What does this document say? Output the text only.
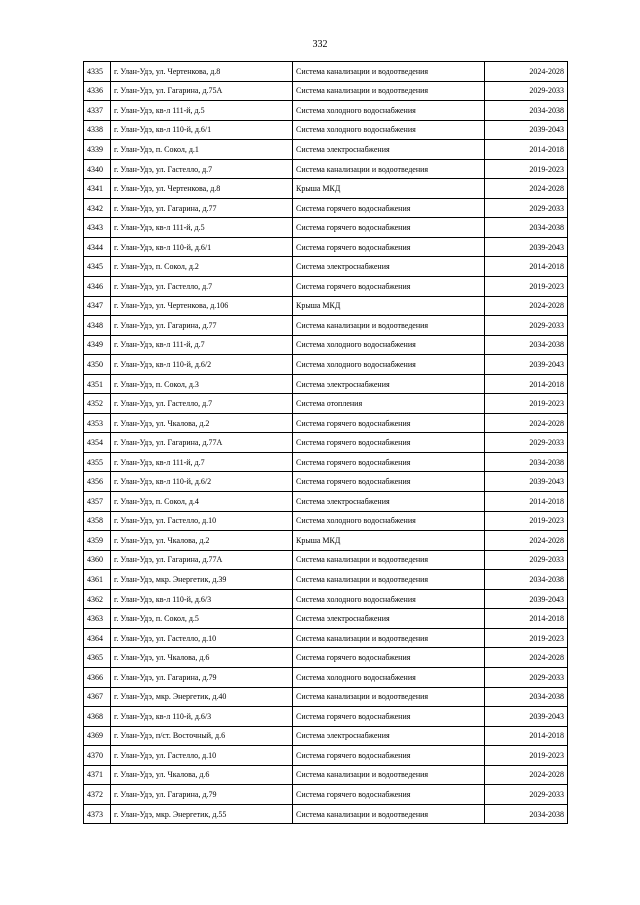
332
4335	г. Улан-Удэ, ул. Чертенкова, д.8	Система канализации и водоотведения	2024-2028
4336	г. Улан-Удэ, ул. Гагарина, д.75А	Система канализации и водоотведения	2029-2033
4337	г. Улан-Удэ, кв-л 111-й, д.5	Система холодного водоснабжения	2034-2038
4338	г. Улан-Удэ, кв-л 110-й, д.6/1	Система холодного водоснабжения	2039-2043
4339	г. Улан-Удэ, п. Сокол, д.1	Система электроснабжения	2014-2018
4340	г. Улан-Удэ, ул. Гастелло, д.7	Система канализации и водоотведения	2019-2023
4341	г. Улан-Удэ, ул. Чертенкова, д.8	Крыша МКД	2024-2028
4342	г. Улан-Удэ, ул. Гагарина, д.77	Система горячего водоснабжения	2029-2033
4343	г. Улан-Удэ, кв-л 111-й, д.5	Система горячего водоснабжения	2034-2038
4344	г. Улан-Удэ, кв-л 110-й, д.6/1	Система горячего водоснабжения	2039-2043
4345	г. Улан-Удэ, п. Сокол, д.2	Система электроснабжения	2014-2018
4346	г. Улан-Удэ, ул. Гастелло, д.7	Система горячего водоснабжения	2019-2023
4347	г. Улан-Удэ, ул. Чертенкова, д.106	Крыша МКД	2024-2028
4348	г. Улан-Удэ, ул. Гагарина, д.77	Система канализации и водоотведения	2029-2033
4349	г. Улан-Удэ, кв-л 111-й, д.7	Система холодного водоснабжения	2034-2038
4350	г. Улан-Удэ, кв-л 110-й, д.6/2	Система холодного водоснабжения	2039-2043
4351	г. Улан-Удэ, п. Сокол, д.3	Система электроснабжения	2014-2018
4352	г. Улан-Удэ, ул. Гастелло, д.7	Система отопления	2019-2023
4353	г. Улан-Удэ, ул. Чкалова, д.2	Система горячего водоснабжения	2024-2028
4354	г. Улан-Удэ, ул. Гагарина, д.77А	Система горячего водоснабжения	2029-2033
4355	г. Улан-Удэ, кв-л 111-й, д.7	Система горячего водоснабжения	2034-2038
4356	г. Улан-Удэ, кв-л 110-й, д.6/2	Система горячего водоснабжения	2039-2043
4357	г. Улан-Удэ, п. Сокол, д.4	Система электроснабжения	2014-2018
4358	г. Улан-Удэ, ул. Гастелло, д.10	Система холодного водоснабжения	2019-2023
4359	г. Улан-Удэ, ул. Чкалова, д.2	Крыша МКД	2024-2028
4360	г. Улан-Удэ, ул. Гагарина, д.77А	Система канализации и водоотведения	2029-2033
4361	г. Улан-Удэ, мкр. Энергетик, д.39	Система канализации и водоотведения	2034-2038
4362	г. Улан-Удэ, кв-л 110-й, д.6/3	Система холодного водоснабжения	2039-2043
4363	г. Улан-Удэ, п. Сокол, д.5	Система электроснабжения	2014-2018
4364	г. Улан-Удэ, ул. Гастелло, д.10	Система канализации и водоотведения	2019-2023
4365	г. Улан-Удэ, ул. Чкалова, д.6	Система горячего водоснабжения	2024-2028
4366	г. Улан-Удэ, ул. Гагарина, д.79	Система холодного водоснабжения	2029-2033
4367	г. Улан-Удэ, мкр. Энергетик, д.40	Система канализации и водоотведения	2034-2038
4368	г. Улан-Удэ, кв-л 110-й, д.6/3	Система горячего водоснабжения	2039-2043
4369	г. Улан-Удэ, п/ст. Восточный, д.6	Система электроснабжения	2014-2018
4370	г. Улан-Удэ, ул. Гастелло, д.10	Система горячего водоснабжения	2019-2023
4371	г. Улан-Удэ, ул. Чкалова, д.6	Система канализации и водоотведения	2024-2028
4372	г. Улан-Удэ, ул. Гагарина, д.79	Система горячего водоснабжения	2029-2033
4373	г. Улан-Удэ, мкр. Энергетик, д.55	Система канализации и водоотведения	2034-2038
